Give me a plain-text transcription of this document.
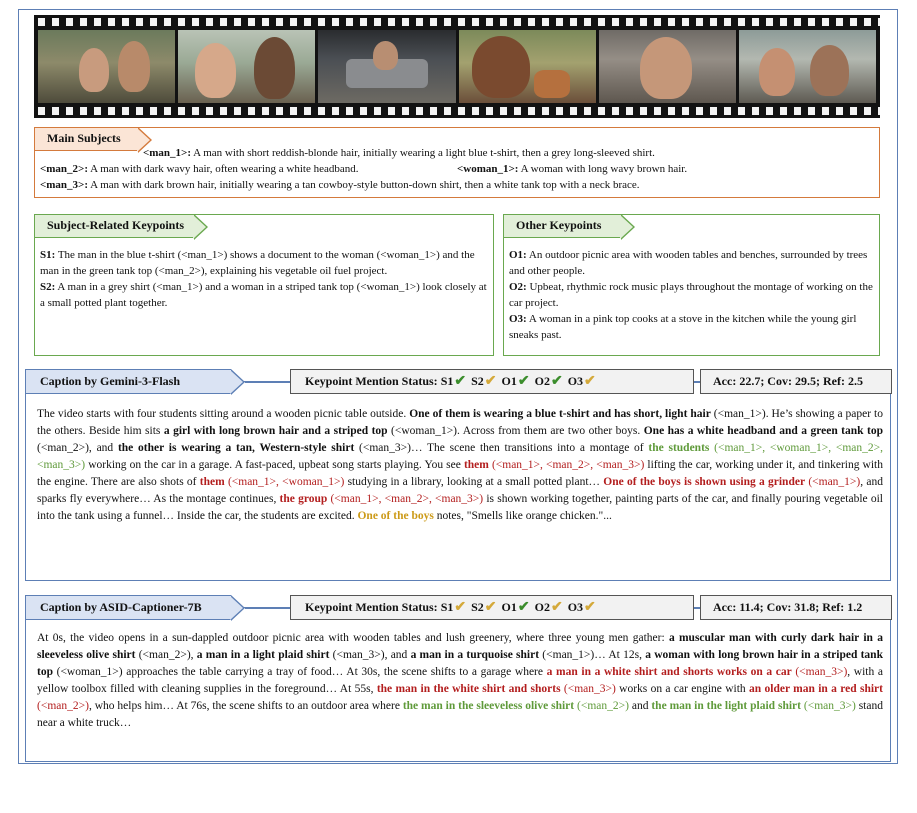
Main Subjects
<man_1>: A man with short reddish-blonde hair, initially wearing a light blue t-shirt, then a grey long-sleeved shirt.
<man_2>: A man with dark wavy hair, often wearing a white headband.	<woman_1>: A woman with long wavy brown hair.
<man_3>: A man with dark brown hair, initially wearing a tan cowboy-style button-down shirt, then a white tank top with a neck brace.
Subject-Related Keypoints

S1: The man in the blue t-shirt (<man_1>) shows a document to the woman (<woman_1>) and the man in the green tank top (<man_2>), explaining his vegetable oil fuel project.

S2: A man in a grey shirt (<man_1>) and a woman in a striped tank top (<woman_1>) look closely at a small potted plant together.

Other Keypoints

O1: An outdoor picnic area with wooden tables and benches, surrounded by trees and other people.

O2: Upbeat, rhythmic rock music plays throughout the montage of working on the car project.

O3: A woman in a pink top cooks at a stove in the kitchen while the young girl sneaks past.

Caption by Gemini-3-Flash	Keypoint Mention Status: S1✔ S2✔ O1✔ O2✔ O3✔	Acc: 22.7; Cov: 29.5; Ref: 2.5
The video starts with four students sitting around a wooden picnic table outside. One of them is wearing a blue t-shirt and has short, light hair (<man_1>). He’s showing a paper to the others. Beside him sits a girl with long brown hair and a striped top (<woman_1>). Across from them are two other boys. One has a white headband and a green tank top (<man_2>), and the other is wearing a tan, Western-style shirt (<man_3>)… The scene then transitions into a montage of the students (<man_1>, <woman_1>, <man_2>, <man_3>) working on the car in a garage. A fast-paced, upbeat song starts playing. You see them (<man_1>, <man_2>, <man_3>) lifting the car, working under it, and tinkering with the engine. There are also shots of them (<man_1>, <woman_1>) studying in a library, looking at a small potted plant… One of the boys is shown using a grinder (<man_1>), and sparks fly everywhere… As the montage continues, the group (<man_1>, <man_2>, <man_3>) is shown working together, painting parts of the car, and finally pouring vegetable oil into the tank using a funnel… Inside the car, the students are excited. One of the boys notes, "Smells like orange chicken."...
Caption by ASID-Captioner-7B	Keypoint Mention Status: S1✔ S2✔ O1✔ O2✔ O3✔	Acc: 11.4; Cov: 31.8; Ref: 1.2
At 0s, the video opens in a sun-dappled outdoor picnic area with wooden tables and lush greenery, where three young men gather: a muscular man with curly dark hair in a sleeveless olive shirt (<man_2>), a man in a light plaid shirt (<man_3>), and a man in a turquoise shirt (<man_1>)… At 12s, a woman with long brown hair in a striped tank top (<woman_1>) approaches the table carrying a tray of food… At 30s, the scene shifts to a garage where a man in a white shirt and shorts works on a car (<man_3>), with a yellow toolbox filled with cleaning supplies in the foreground… At 55s, the man in the white shirt and shorts (<man_3>) works on a car engine with an older man in a red shirt (<man_2>), who helps him… At 76s, the scene shifts to an outdoor area where the man in the sleeveless olive shirt (<man_2>) and the man in the light plaid shirt (<man_3>) stand near a white truck…
